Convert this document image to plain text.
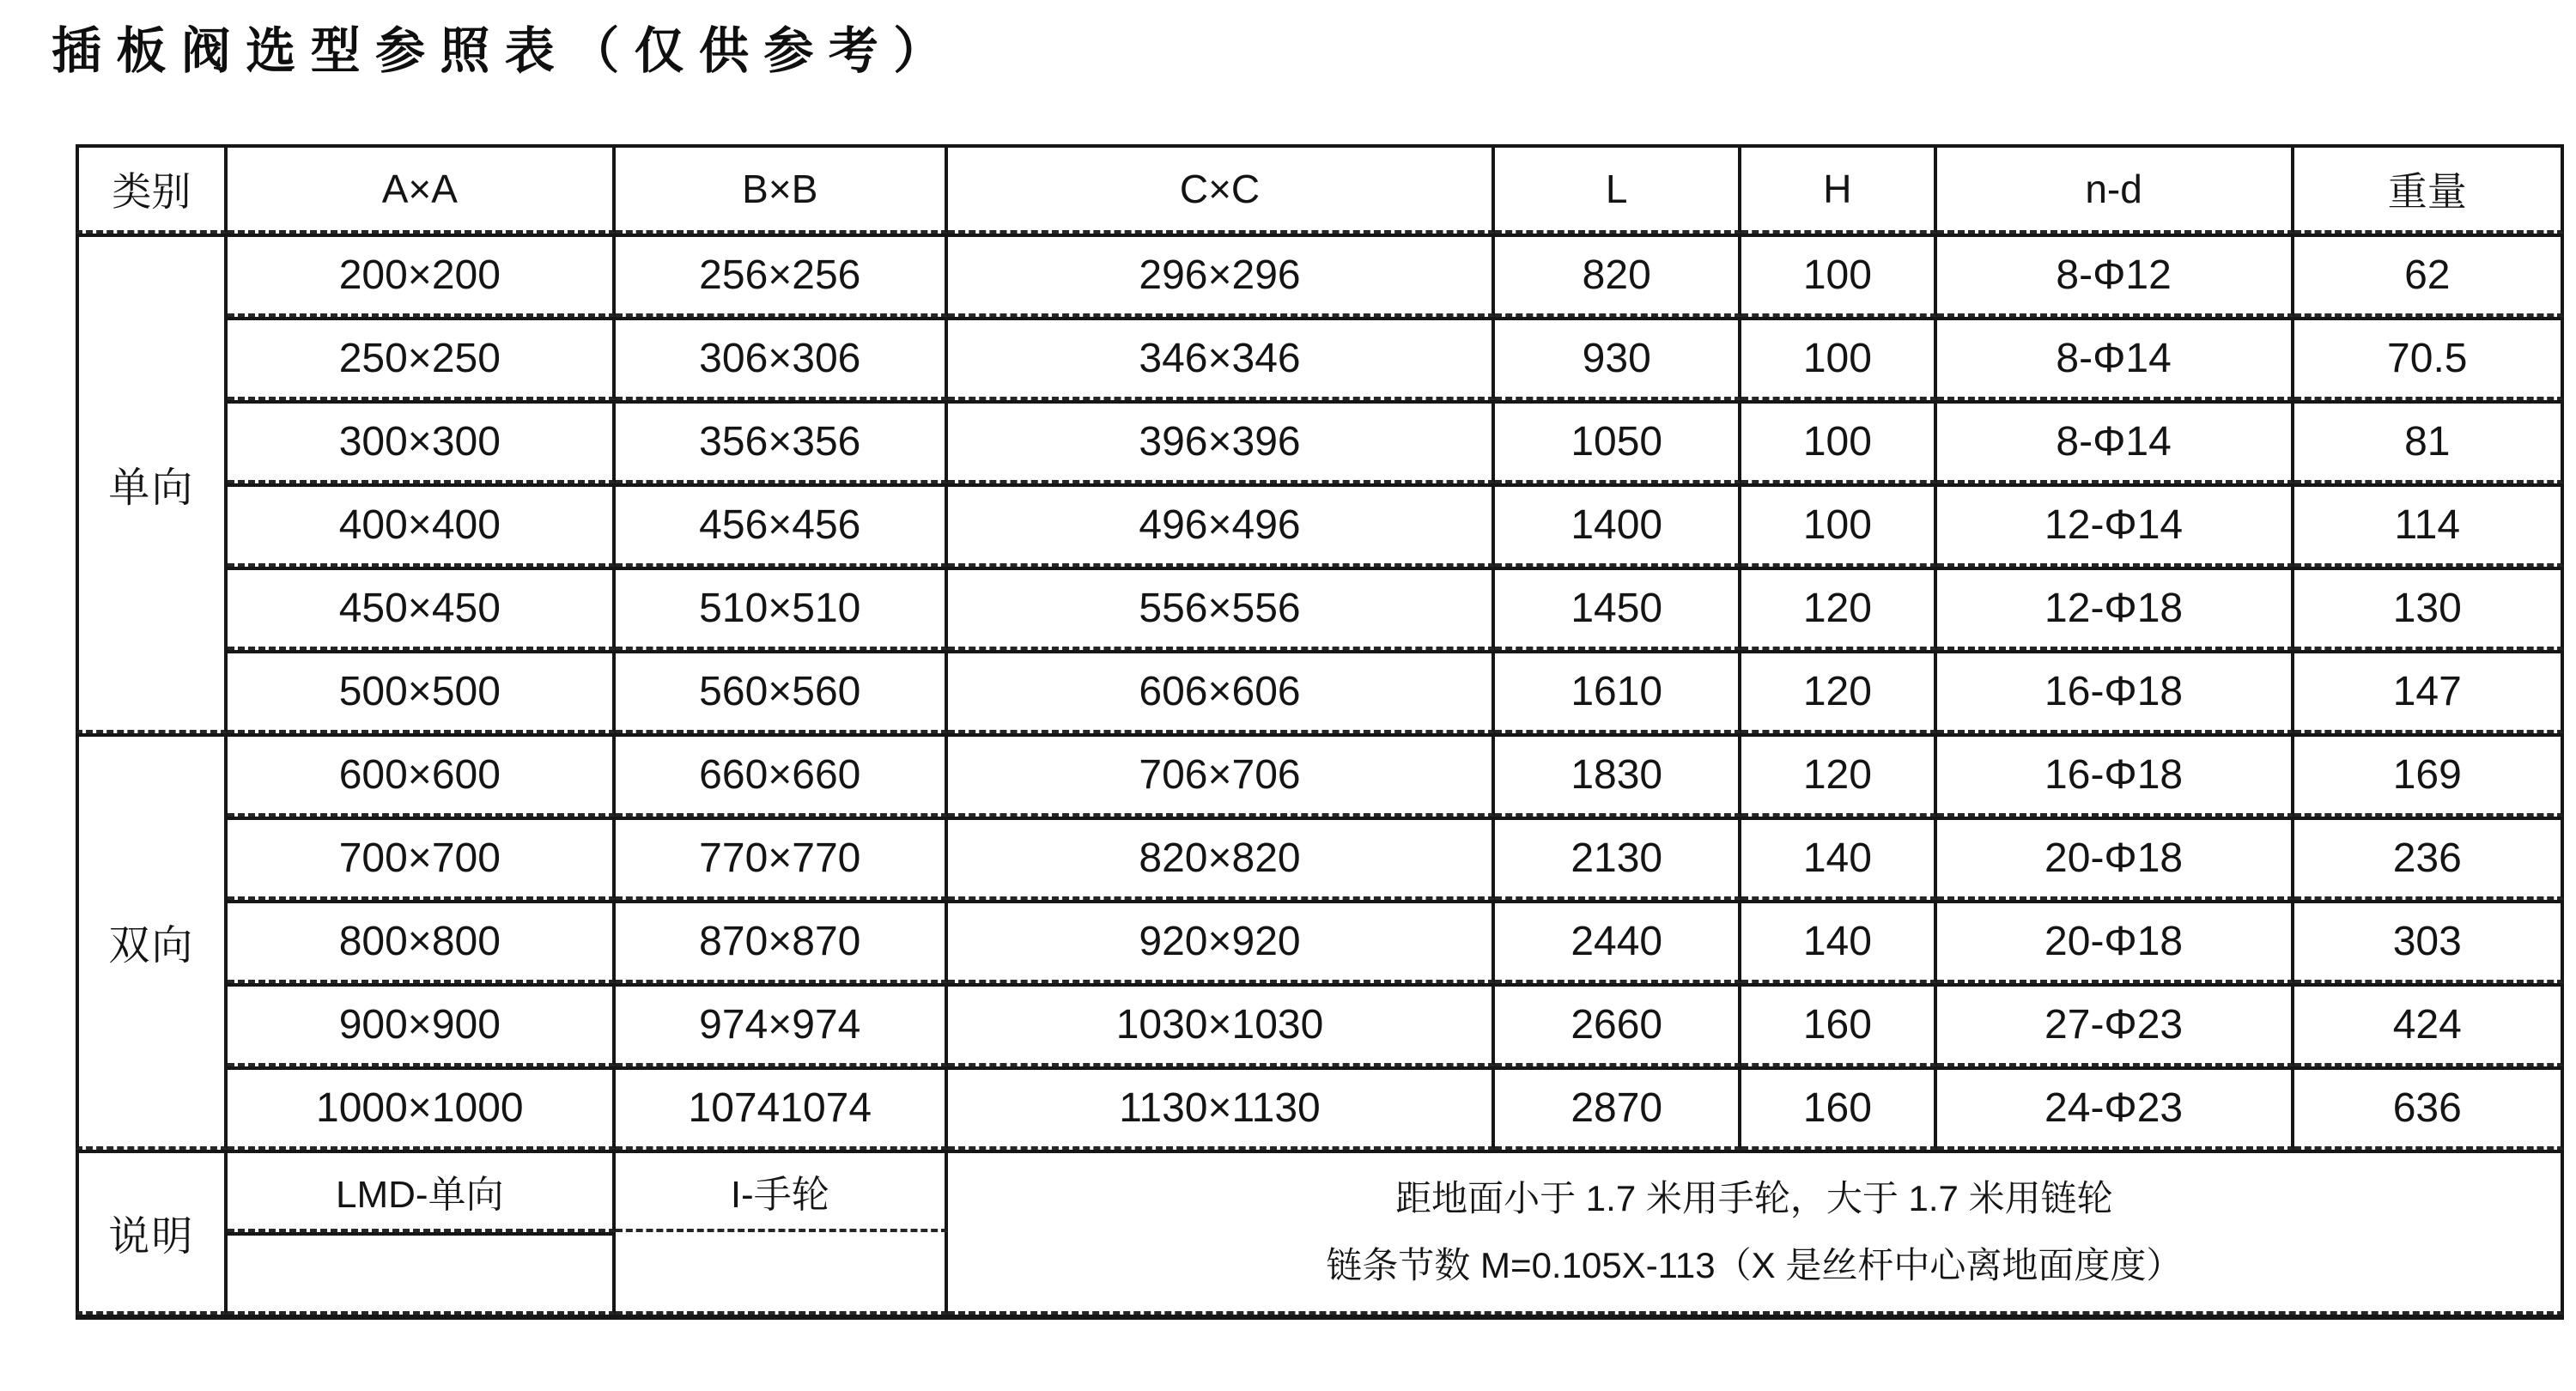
插板阀选型参照表（仅供参考）
类别	A×A	B×B	C×C	L	H	n-d	重量
单向	200×200	256×256	296×296	820	100	8-Φ12	62
	250×250	306×306	346×346	930	100	8-Φ14	70.5
	300×300	356×356	396×396	1050	100	8-Φ14	81
	400×400	456×456	496×496	1400	100	12-Φ14	114
	450×450	510×510	556×556	1450	120	12-Φ18	130
	500×500	560×560	606×606	1610	120	16-Φ18	147
双向	600×600	660×660	706×706	1830	120	16-Φ18	169
	700×700	770×770	820×820	2130	140	20-Φ18	236
	800×800	870×870	920×920	2440	140	20-Φ18	303
	900×900	974×974	1030×1030	2660	160	27-Φ23	424
	1000×1000	10741074	1130×1130	2870	160	24-Φ23	636
说明	LMD-单向	I-手轮	距地面小于 1.7 米用手轮，大于 1.7 米用链轮
链条节数 M=0.105X-113（X 是丝杆中心离地面度度）				
